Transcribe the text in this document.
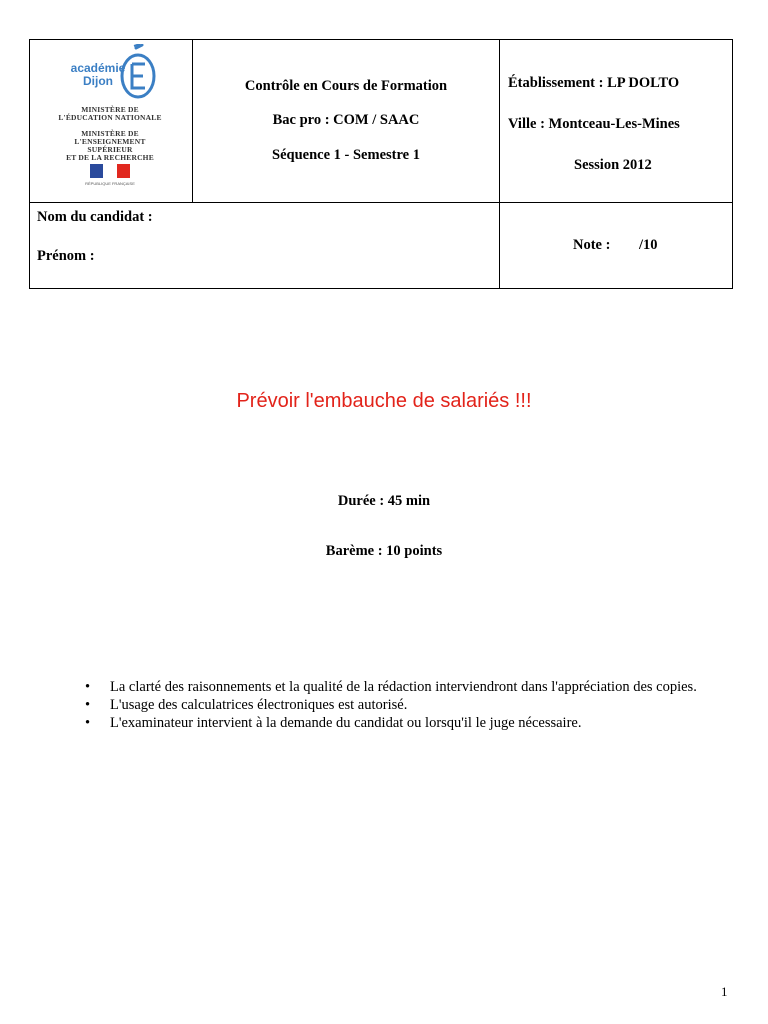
académie
Dijon
MINISTÈRE DE
L'ÉDUCATION NATIONALE
MINISTÈRE DE
L'ENSEIGNEMENT SUPÉRIEUR
ET DE LA RECHERCHE
RÉPUBLIQUE FRANÇAISE
Contrôle en Cours de Formation
Bac pro : COM / SAAC
Séquence 1 - Semestre 1
Établissement : LP DOLTO
Ville : Montceau-Les-Mines
Session 2012
Nom du candidat :
Prénom :
Note : /10
Prévoir l'embauche de salariés !!!
Durée : 45 min
Barème : 10 points
• La clarté des raisonnements et la qualité de la rédaction interviendront dans l'appréciation des copies.
• L'usage des calculatrices électroniques est autorisé.
• L'examinateur intervient à la demande du candidat ou lorsqu'il le juge nécessaire.
1
